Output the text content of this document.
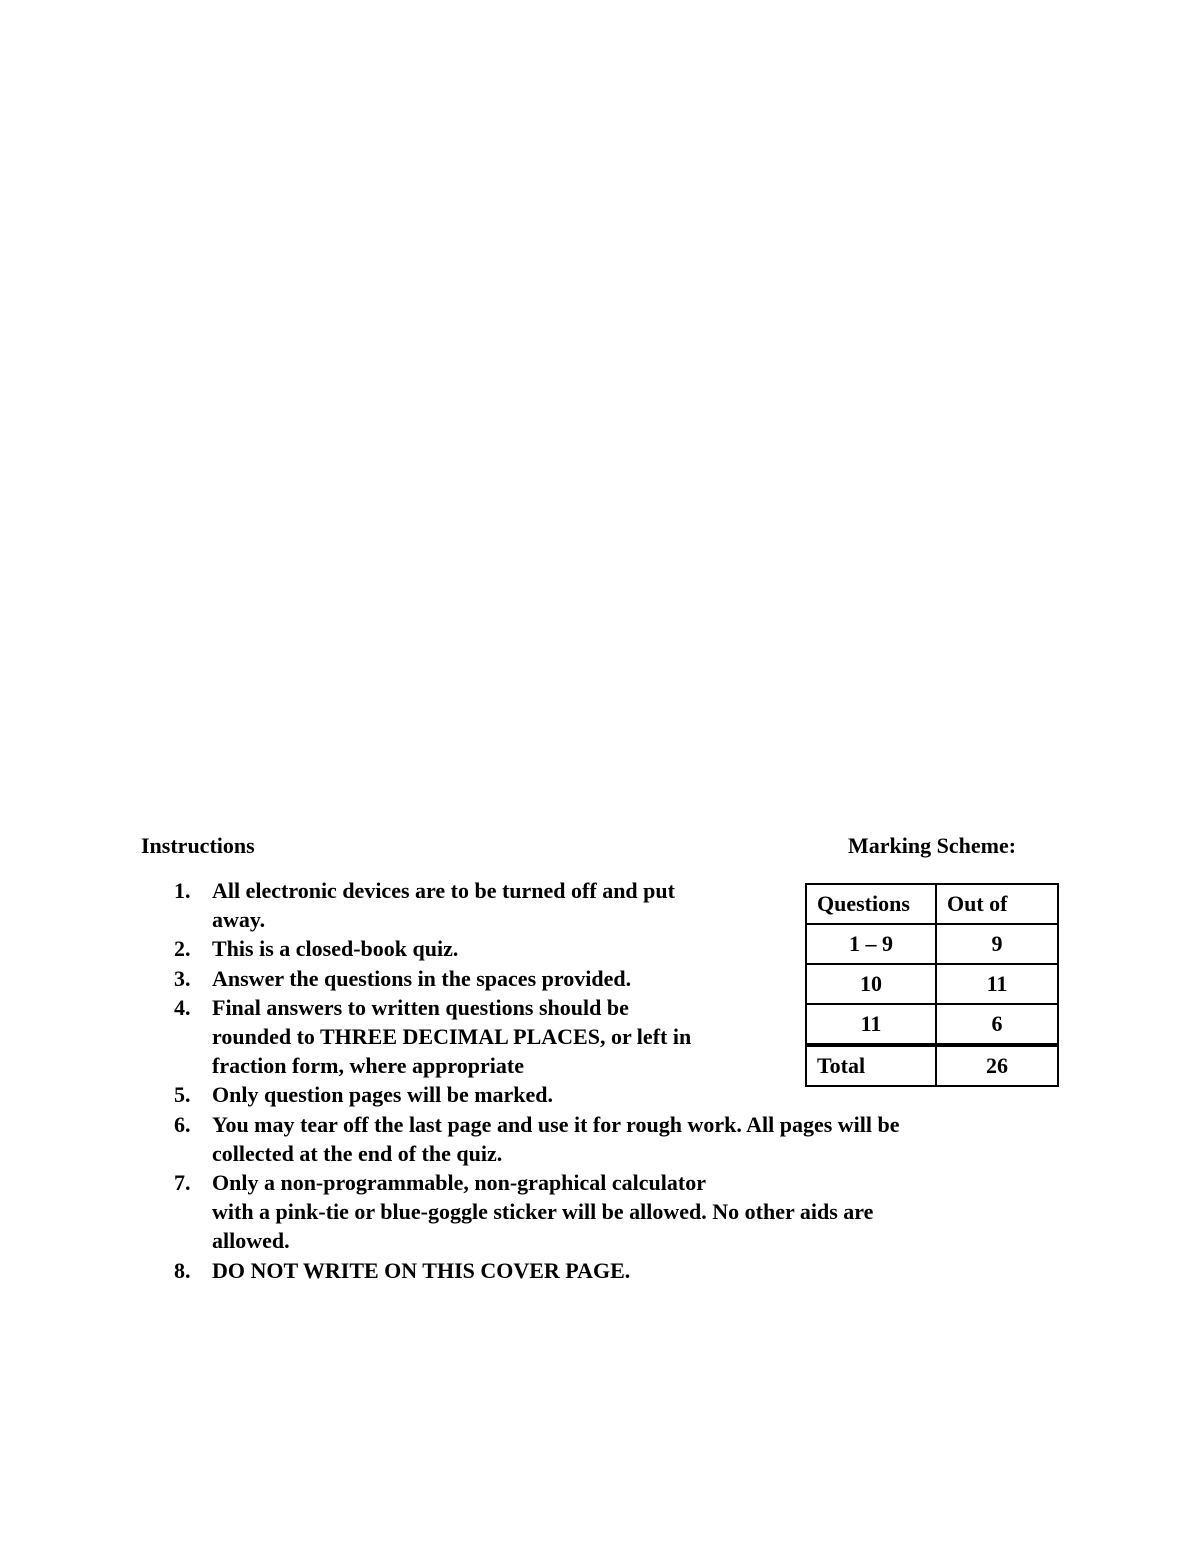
Instructions	Marking Scheme:
1. All electronic devices are to be turned off and put
away.
2. This is a closed-book quiz.
3. Answer the questions in the spaces provided.
4. Final answers to written questions should be
rounded to THREE DECIMAL PLACES, or left in
fraction form, where appropriate
5. Only question pages will be marked.
6. You may tear off the last page and use it for rough work. All pages will be
collected at the end of the quiz.
7. Only a non-programmable, non-graphical calculator
with a pink-tie or blue-goggle sticker will be allowed. No other aids are
allowed.
8. DO NOT WRITE ON THIS COVER PAGE.
Questions	Out of
1 – 9	9
10	11
11	6
Total	26
